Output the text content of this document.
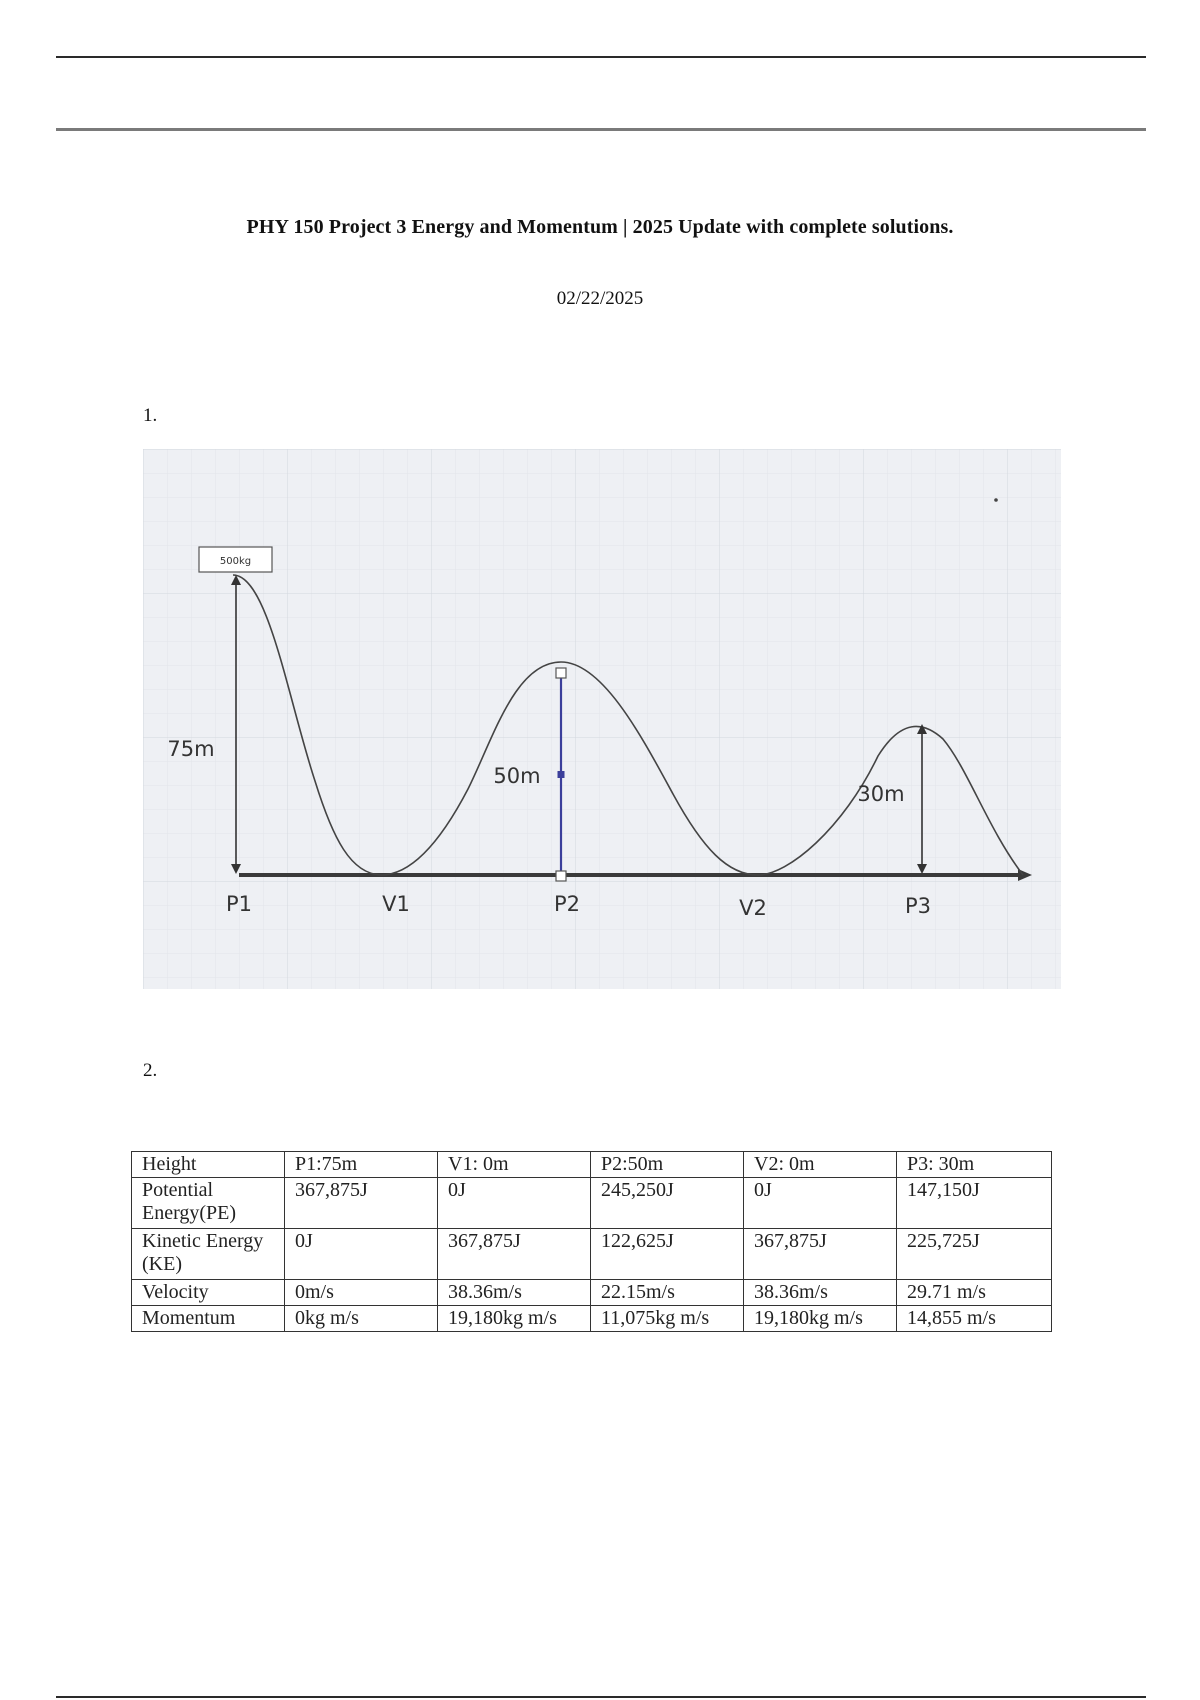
PHY 150 Project 3 Energy and Momentum | 2025 Update with complete solutions.
02/22/2025
1.
500kg
75m
50m
30m
P1	V1	P2	V2	P3
2.
Height	P1:75m	V1: 0m	P2:50m	V2: 0m	P3: 30m
Potential Energy(PE)	367,875J	0J	245,250J	0J	147,150J
Kinetic Energy (KE)	0J	367,875J	122,625J	367,875J	225,725J
Velocity	0m/s	38.36m/s	22.15m/s	38.36m/s	29.71 m/s
Momentum	0kg m/s	19,180kg m/s	11,075kg m/s	19,180kg m/s	14,855 m/s
